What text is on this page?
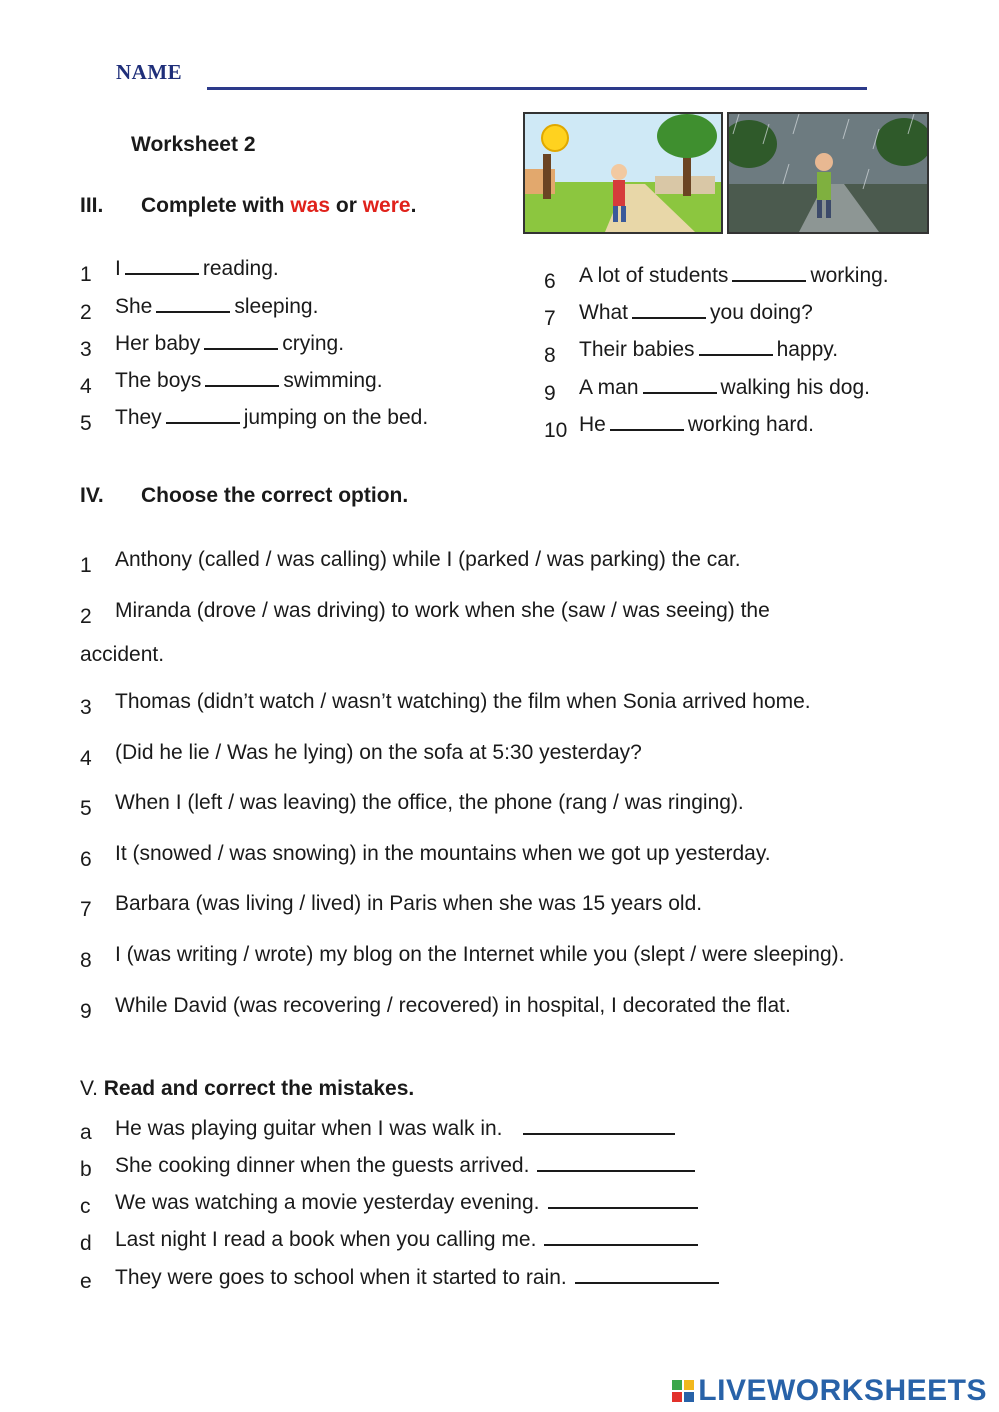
NAME
Worksheet 2
III. Complete with was or were.
1 I	reading.
2 She	sleeping.
3 Her baby	crying.
4 The boys	swimming.
5 They	jumping on the bed.
6 A lot of students	working.
7 What	you doing?
8 Their babies	happy.
9 A man	walking his dog.
10 He	working hard.
IV. Choose the correct option.
1 Anthony (called / was calling) while I (parked / was parking) the car.
2 Miranda (drove / was driving) to work when she (saw / was seeing) the
accident.
3 Thomas (didn’t watch / wasn’t watching) the film when Sonia arrived home.
4 (Did he lie / Was he lying) on the sofa at 5:30 yesterday?
5 When I (left / was leaving) the office, the phone (rang / was ringing).
6 It (snowed / was snowing) in the mountains when we got up yesterday.
7 Barbara (was living / lived) in Paris when she was 15 years old.
8 I (was writing / wrote) my blog on the Internet while you (slept / were sleeping).
9 While David (was recovering / recovered) in hospital, I decorated the flat.
V. Read and correct the mistakes.
a He was playing guitar when I was walk in.
b She cooking dinner when the guests arrived.
c We was watching a movie yesterday evening.
d Last night I read a book when you calling me.
e They were goes to school when it started to rain.
LIVEWORKSHEETS
